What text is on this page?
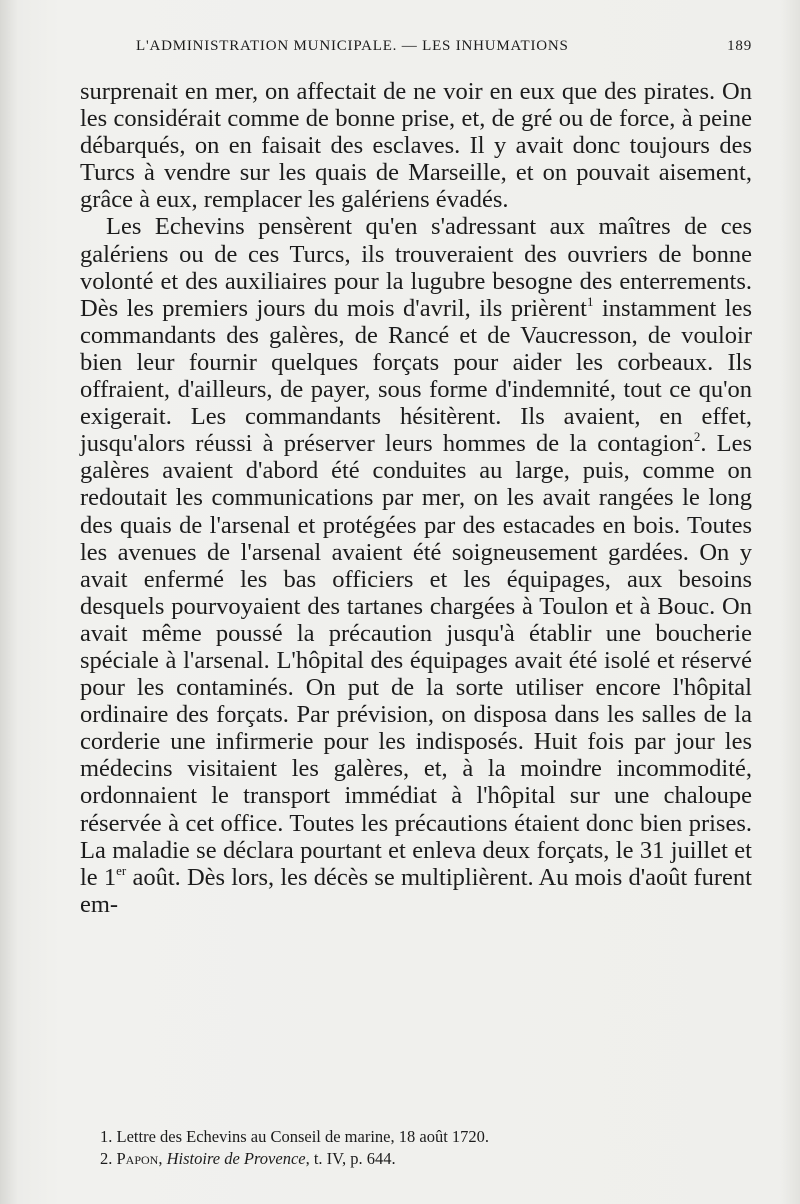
L'ADMINISTRATION MUNICIPALE. — LES INHUMATIONS	189

surprenait en mer, on affectait de ne voir en eux que des pirates. On les considérait comme de bonne prise, et, de gré ou de force, à peine débarqués, on en faisait des esclaves. Il y avait donc toujours des Turcs à vendre sur les quais de Marseille, et on pouvait aisement, grâce à eux, remplacer les galériens évadés.

Les Echevins pensèrent qu'en s'adressant aux maîtres de ces galériens ou de ces Turcs, ils trouveraient des ouvriers de bonne volonté et des auxiliaires pour la lugubre besogne des enterrements. Dès les premiers jours du mois d'avril, ils prièrent$^1$ instamment les commandants des galères, de Rancé et de Vaucresson, de vouloir bien leur fournir quelques forçats pour aider les corbeaux. Ils offraient, d'ailleurs, de payer, sous forme d'indemnité, tout ce qu'on exigerait. Les commandants hésitèrent. Ils avaient, en effet, jusqu'alors réussi à préserver leurs hommes de la contagion$^2$. Les galères avaient d'abord été conduites au large, puis, comme on redoutait les communications par mer, on les avait rangées le long des quais de l'arsenal et protégées par des estacades en bois. Toutes les avenues de l'arsenal avaient été soigneusement gardées. On y avait enfermé les bas officiers et les équipages, aux besoins desquels pourvoyaient des tartanes chargées à Toulon et à Bouc. On avait même poussé la précaution jusqu'à établir une boucherie spéciale à l'arsenal. L'hôpital des équipages avait été isolé et réservé pour les contaminés. On put de la sorte utiliser encore l'hôpital ordinaire des forçats. Par prévision, on disposa dans les salles de la corderie une infirmerie pour les indisposés. Huit fois par jour les médecins visitaient les galères, et, à la moindre incommodité, ordonnaient le transport immédiat à l'hôpital sur une chaloupe réservée à cet office. Toutes les précautions étaient donc bien prises. La maladie se déclara pourtant et enleva deux forçats, le 31 juillet et le 1er août. Dès lors, les décès se multiplièrent. Au mois d'août furent em-

1. Lettre des Echevins au Conseil de marine, 18 août 1720.
2. Papon, Histoire de Provence, t. IV, p. 644.
